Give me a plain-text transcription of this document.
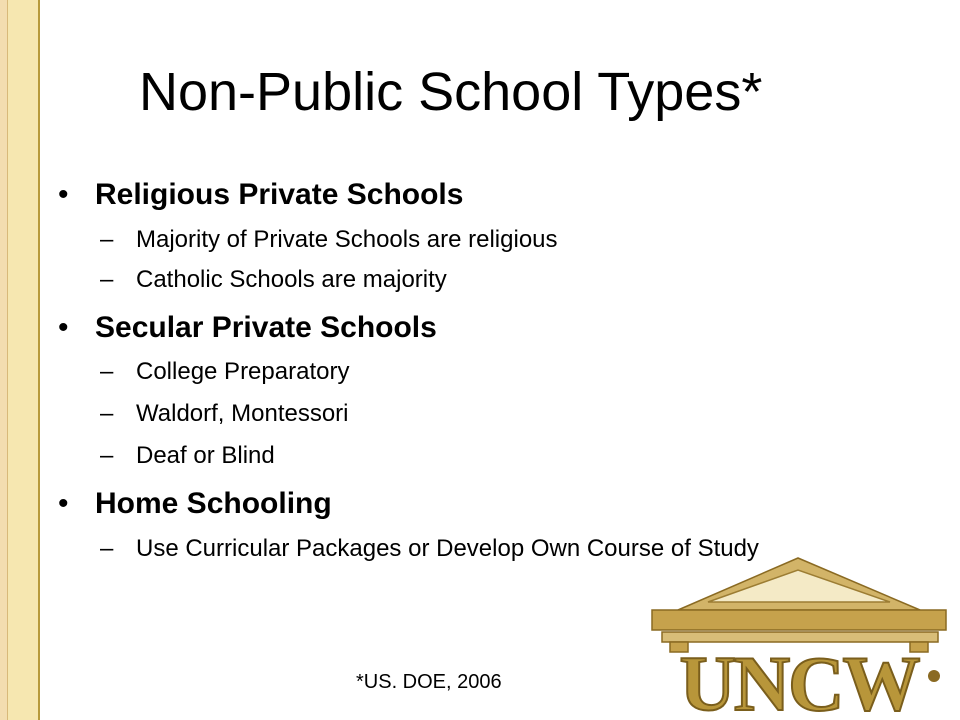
Non-Public School Types*
• Religious Private Schools
– Majority of Private Schools are religious
– Catholic Schools are majority
• Secular Private Schools
– College Preparatory
– Waldorf, Montessori
– Deaf or Blind
• Home Schooling
– Use Curricular Packages or Develop Own Course of Study
*US. DOE, 2006 UNCW
